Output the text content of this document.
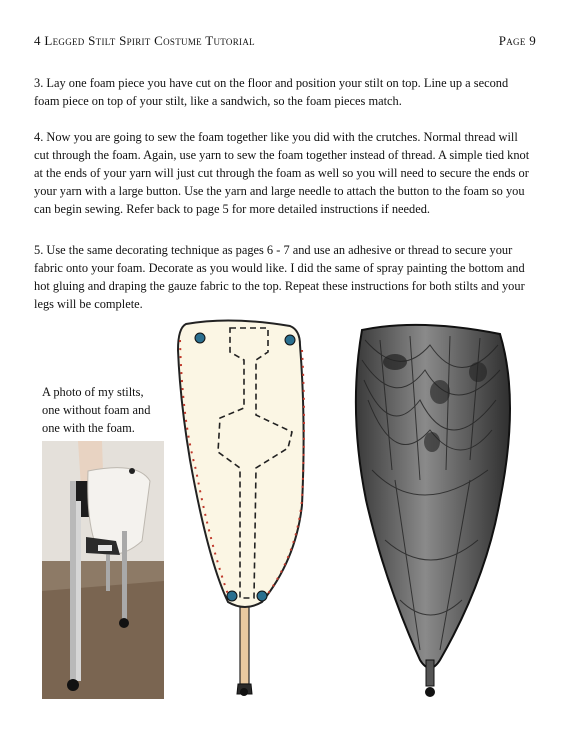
4 Legged Stilt Spirit Costume Tutorial	Page 9

3. Lay one foam piece you have cut on the floor and position your stilt on top. Line up a second foam piece on top of your stilt, like a sandwich, so the foam pieces match.

4. Now you are going to sew the foam together like you did with the crutches. Normal thread will cut through the foam. Again, use yarn to sew the foam together instead of thread. A simple tied knot at the ends of your yarn will just cut through the foam as well so you will need to secure the ends or your yarn with a large button. Use the yarn and large needle to attach the button to the foam so you can begin sewing. Refer back to page 5 for more detailed instructions if needed.

5. Use the same decorating technique as pages 6 - 7 and use an adhesive or thread to secure your fabric onto your foam. Decorate as you would like. I did the same of spray painting the bottom and hot gluing and draping the gauze fabric to the top. Repeat these instructions for both stilts and your legs will be complete.

A photo of my stilts,
one without foam and
one with the foam.
